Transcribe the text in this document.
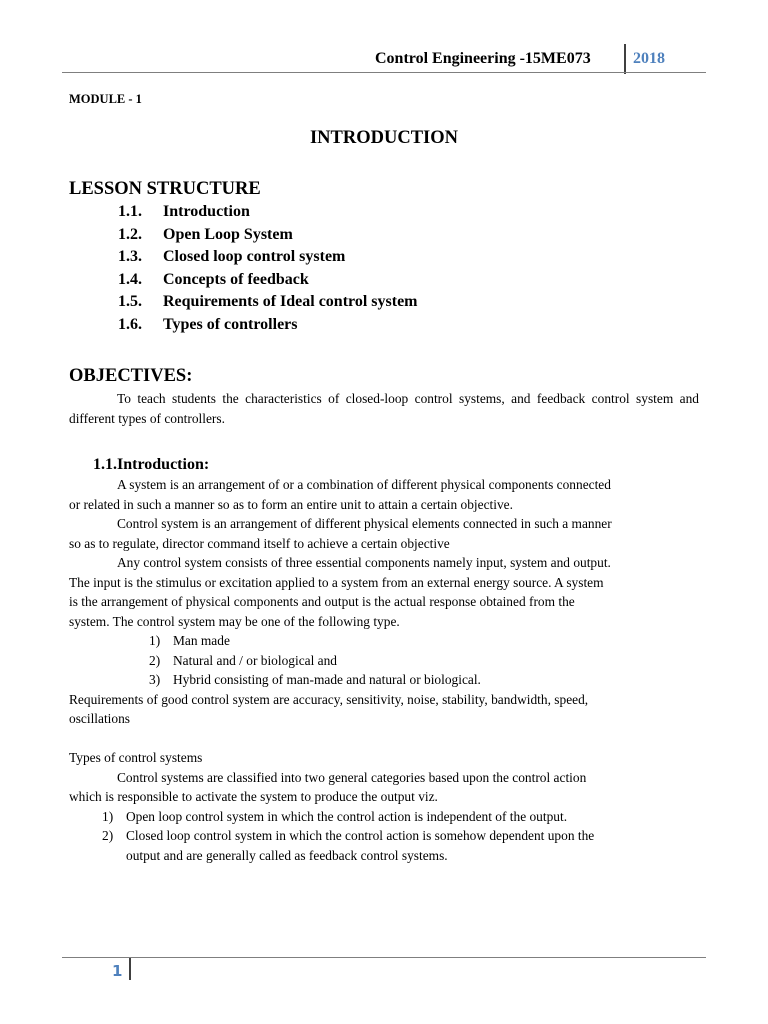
Control Engineering -15ME073	2018
MODULE - 1
INTRODUCTION
LESSON STRUCTURE
1.1.	Introduction
1.2.	Open Loop System
1.3.	Closed loop control system
1.4.	Concepts of feedback
1.5.	Requirements of Ideal control system
1.6.	Types of controllers
OBJECTIVES:
To teach students the characteristics of closed-loop control systems, and feedback control system and different types of controllers.
1.1.Introduction:
A system is an arrangement of or a combination of different physical components connected
or related in such a manner so as to form an entire unit to attain a certain objective.
Control system is an arrangement of different physical elements connected in such a manner
so as to regulate, director command itself to achieve a certain objective
Any control system consists of three essential components namely input, system and output.
The input is the stimulus or excitation applied to a system from an external energy source. A system
is the arrangement of physical components and output is the actual response obtained from the
system. The control system may be one of the following type.
1) Man made
2) Natural and / or biological and
3) Hybrid consisting of man-made and natural or biological.
Requirements of good control system are accuracy, sensitivity, noise, stability, bandwidth, speed,
oscillations
Types of control systems
Control systems are classified into two general categories based upon the control action
which is responsible to activate the system to produce the output viz.
1) Open loop control system in which the control action is independent of the output.
2) Closed loop control system in which the control action is somehow dependent upon the
output and are generally called as feedback control systems.
1
